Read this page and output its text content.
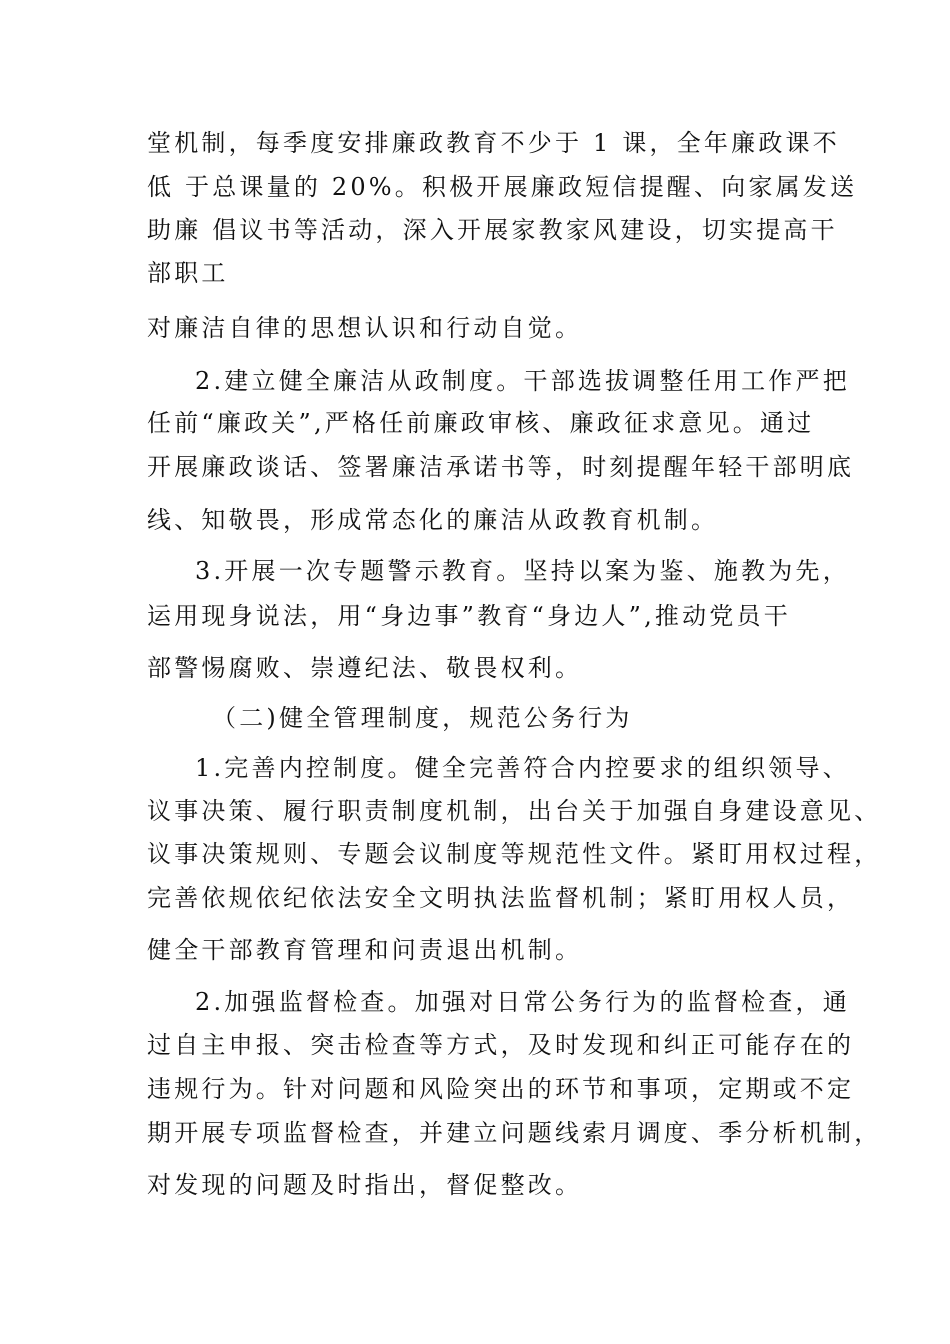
堂机制，每季度安排廉政教育不少于 1 课，全年廉政课不
低 于总课量的 20%。积极开展廉政短信提醒、向家属发送
助廉 倡议书等活动，深入开展家教家风建设，切实提高干
部职工
对廉洁自律的思想认识和行动自觉。
2.建立健全廉洁从政制度。干部选拔调整任用工作严把
任前“廉政关”,严格任前廉政审核、廉政征求意见。通过
开展廉政谈话、签署廉洁承诺书等，时刻提醒年轻干部明底
线、知敬畏，形成常态化的廉洁从政教育机制。
3.开展一次专题警示教育。坚持以案为鉴、施教为先，
运用现身说法，用“身边事”教育“身边人”,推动党员干
部警惕腐败、崇遵纪法、敬畏权利。
（二)健全管理制度，规范公务行为
1.完善内控制度。健全完善符合内控要求的组织领导、
议事决策、履行职责制度机制，出台关于加强自身建设意见、
议事决策规则、专题会议制度等规范性文件。紧盯用权过程，
完善依规依纪依法安全文明执法监督机制；紧盯用权人员，
健全干部教育管理和问责退出机制。
2.加强监督检查。加强对日常公务行为的监督检查，通
过自主申报、突击检查等方式，及时发现和纠正可能存在的
违规行为。针对问题和风险突出的环节和事项，定期或不定
期开展专项监督检查，并建立问题线索月调度、季分析机制，
对发现的问题及时指出，督促整改。
